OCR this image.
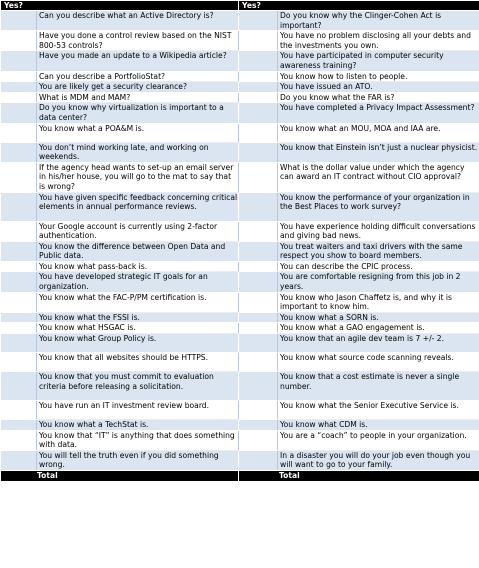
Yes?		Yes?	
	Can you describe what an Active Directory is?		Do you know why the Clinger-Cohen Act is important?
	Have you done a control review based on the NIST 800-53 controls?		You have no problem disclosing all your debts and the investments you own.
	Have you made an update to a Wikipedia article?		You have participated in computer security awareness training?
	Can you describe a PortfolioStat?		You know how to listen to people.
	You are likely get a security clearance?		You have issued an ATO.
	What is MDM and MAM?		Do you know what the FAR is?
	Do you know why virtualization is important to a data center?		You have completed a Privacy Impact Assessment?
	You know what a POA&M is.		You know what an MOU, MOA and IAA are.
	You don’t mind working late, and working on weekends.		You know that Einstein isn’t just a nuclear physicist.
	If the agency head wants to set-up an email server in his/her house, you will go to the mat to say that is wrong?		What is the dollar value under which the agency can award an IT contract without CIO approval?
	You have given specific feedback concerning critical elements in annual performance reviews.		You know the performance of your organization in the Best Places to work survey?
	Your Google account is currently using 2-factor authentication.		You have experience holding difficult conversations and giving bad news.
	You know the difference between Open Data and Public data.		You treat waiters and taxi drivers with the same respect you show to board members.
	You know what pass-back is.		You can describe the CPIC process.
	You have developed strategic IT goals for an organization.		You are comfortable resigning from this job in 2 years.
	You know what the FAC-P/PM certification is.		You know who Jason Chaffetz is, and why it is important to know him.
	You know what the FSSI is.		You know what a SORN is.
	You know what HSGAC is.		You know what a GAO engagement is.
	You know what Group Policy is.		You know that an agile dev team is 7 +/- 2.
	You know that all websites should be HTTPS.		You know what source code scanning reveals.
	You know that you must commit to evaluation criteria before releasing a solicitation.		You know that a cost estimate is never a single number.
	You have run an IT investment review board.		You know what the Senior Executive Service is.
	You know what a TechStat is.		You know what CDM is.
	You know that “IT” is anything that does something with data.		You are a “coach” to people in your organization.
	You will tell the truth even if you did something wrong.		In a disaster you will do your job even though you will want to go to your family.
Total		Total	
